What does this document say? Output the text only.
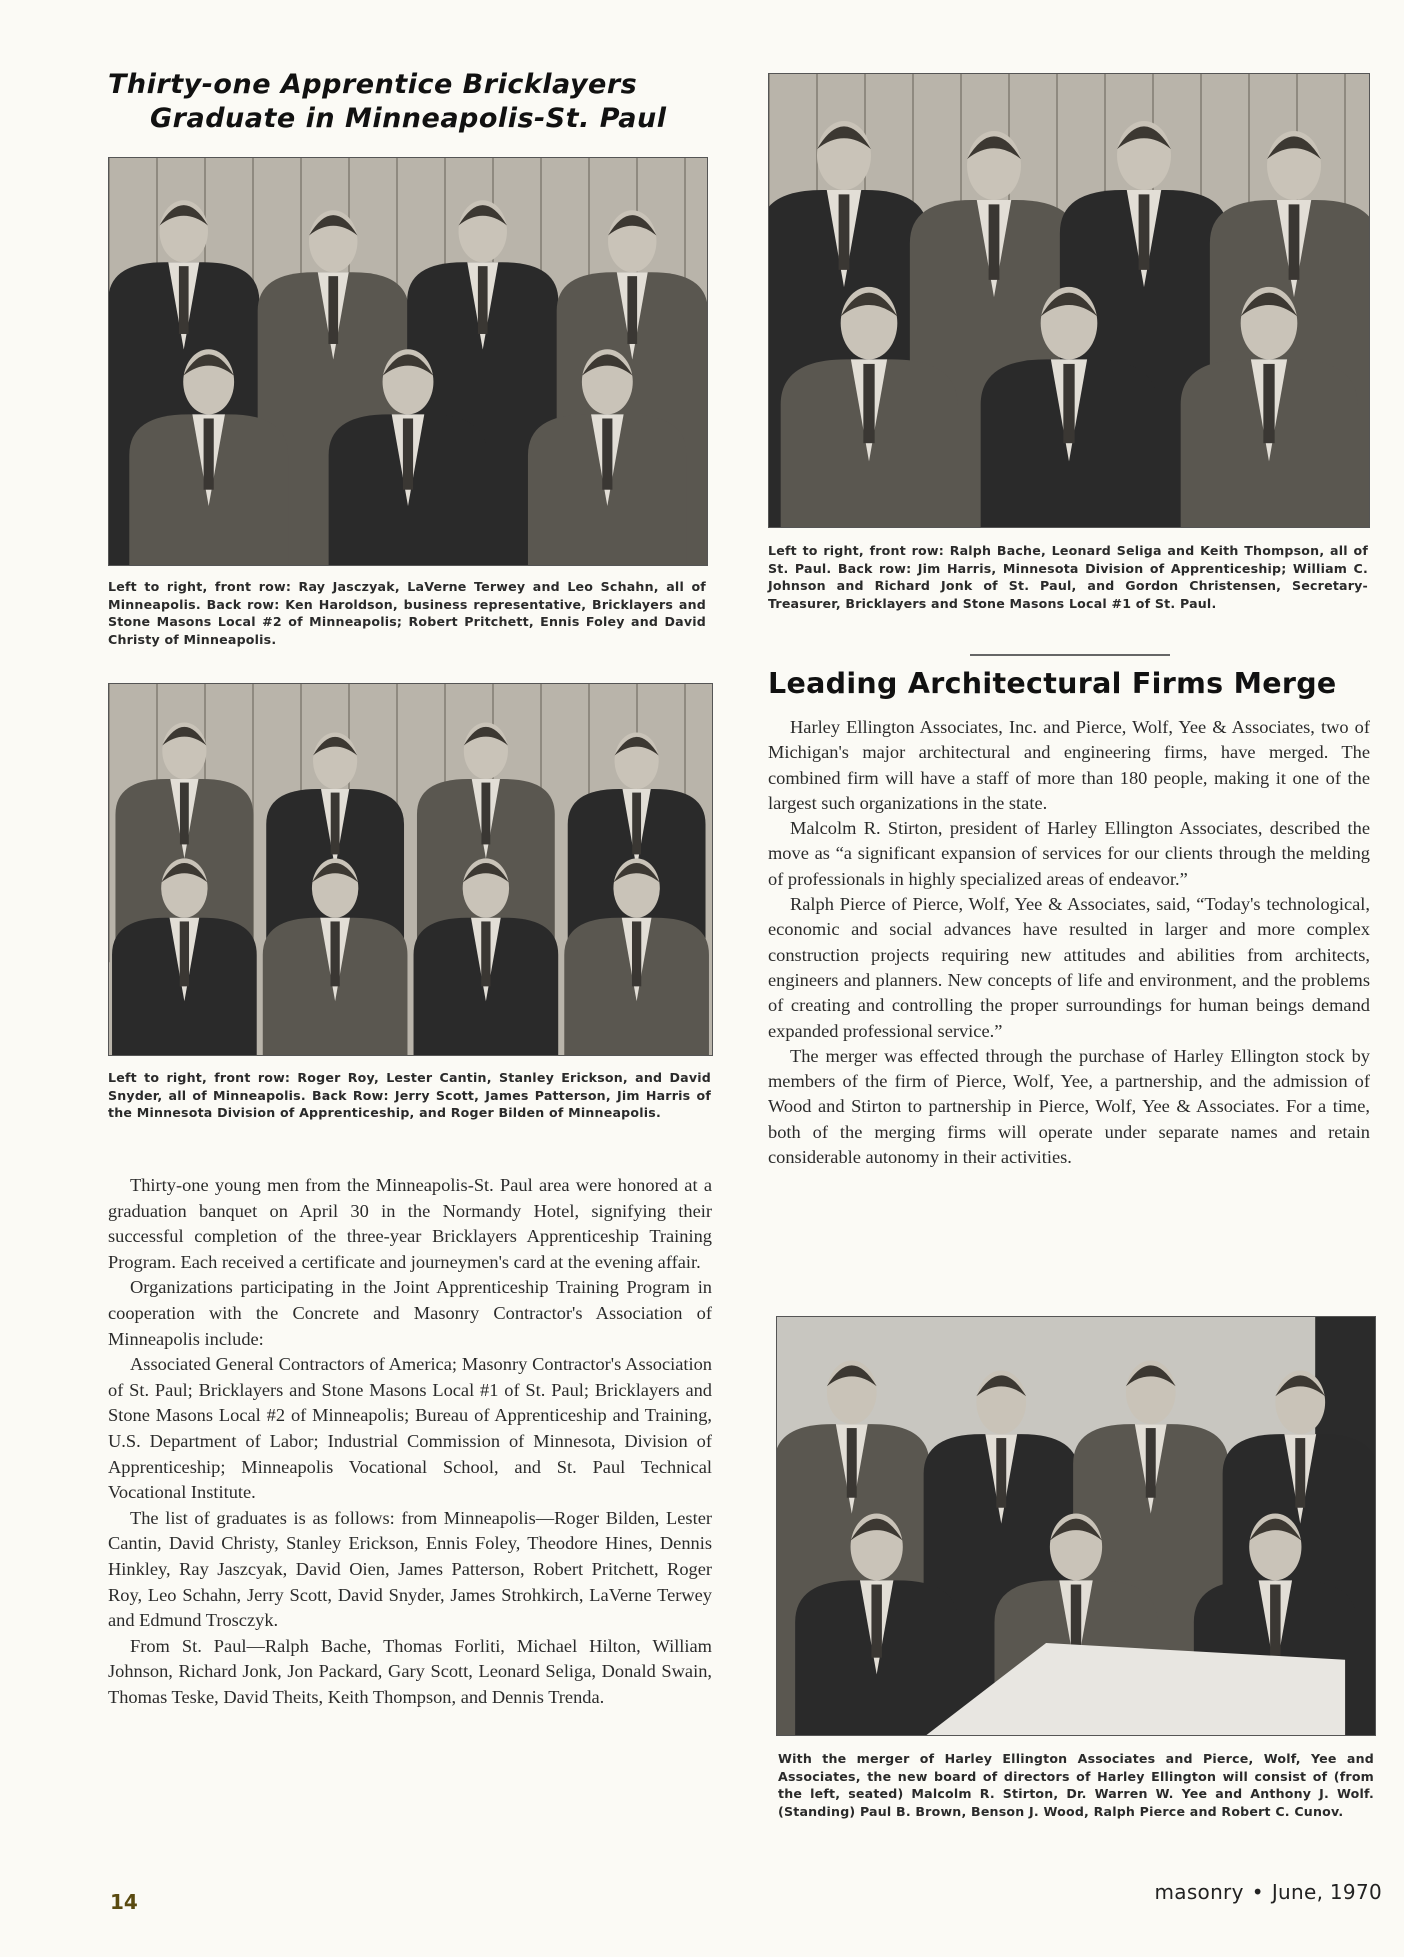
Thirty-one Apprentice Bricklayers
Graduate in Minneapolis-St. Paul
Left to right, front row: Ray Jasczyak, LaVerne Terwey and Leo Schahn, all of Minneapolis. Back row: Ken Haroldson, business representative, Bricklayers and Stone Masons Local #2 of Minneapolis; Robert Pritchett, Ennis Foley and David Christy of Minneapolis.
Left to right, front row: Roger Roy, Lester Cantin, Stanley Erickson, and David Snyder, all of Minneapolis. Back Row: Jerry Scott, James Patterson, Jim Harris of the Minnesota Division of Apprenticeship, and Roger Bilden of Minneapolis.

Thirty-one young men from the Minneapolis-St. Paul area were honored at a graduation banquet on April 30 in the Normandy Hotel, signifying their successful completion of the three-year Bricklayers Apprenticeship Training Program. Each received a certificate and journeymen's card at the evening affair.

Organizations participating in the Joint Apprenticeship Training Program in cooperation with the Concrete and Masonry Contractor's Association of Minneapolis include:

Associated General Contractors of America; Masonry Contractor's Association of St. Paul; Bricklayers and Stone Masons Local #1 of St. Paul; Bricklayers and Stone Masons Local #2 of Minneapolis; Bureau of Apprenticeship and Training, U.S. Department of Labor; Industrial Commission of Minnesota, Division of Apprenticeship; Minneapolis Vocational School, and St. Paul Technical Vocational Institute.

The list of graduates is as follows: from Minneapolis—Roger Bilden, Lester Cantin, David Christy, Stanley Erickson, Ennis Foley, Theodore Hines, Dennis Hinkley, Ray Jaszcyak, David Oien, James Patterson, Robert Pritchett, Roger Roy, Leo Schahn, Jerry Scott, David Snyder, James Strohkirch, LaVerne Terwey and Edmund Trosczyk.

From St. Paul—Ralph Bache, Thomas Forliti, Michael Hilton, William Johnson, Richard Jonk, Jon Packard, Gary Scott, Leonard Seliga, Donald Swain, Thomas Teske, David Theits, Keith Thompson, and Dennis Trenda.

Left to right, front row: Ralph Bache, Leonard Seliga and Keith Thompson, all of St. Paul. Back row: Jim Harris, Minnesota Division of Apprenticeship; William C. Johnson and Richard Jonk of St. Paul, and Gordon Christensen, Secretary-Treasurer, Bricklayers and Stone Masons Local #1 of St. Paul.
Leading Architectural Firms Merge

Harley Ellington Associates, Inc. and Pierce, Wolf, Yee & Associates, two of Michigan's major architectural and engineering firms, have merged. The combined firm will have a staff of more than 180 people, making it one of the largest such organizations in the state.

Malcolm R. Stirton, president of Harley Ellington Associates, described the move as “a significant expansion of services for our clients through the melding of professionals in highly specialized areas of endeavor.”

Ralph Pierce of Pierce, Wolf, Yee & Associates, said, “Today's technological, economic and social advances have resulted in larger and more complex construction projects requiring new attitudes and abilities from architects, engineers and planners. New concepts of life and environment, and the problems of creating and controlling the proper surroundings for human beings demand expanded professional service.”

The merger was effected through the purchase of Harley Ellington stock by members of the firm of Pierce, Wolf, Yee, a partnership, and the admission of Wood and Stirton to partnership in Pierce, Wolf, Yee & Associates. For a time, both of the merging firms will operate under separate names and retain considerable autonomy in their activities.

With the merger of Harley Ellington Associates and Pierce, Wolf, Yee and Associates, the new board of directors of Harley Ellington will consist of (from the left, seated) Malcolm R. Stirton, Dr. Warren W. Yee and Anthony J. Wolf. (Standing) Paul B. Brown, Benson J. Wood, Ralph Pierce and Robert C. Cunov.
14	masonry • June, 1970
